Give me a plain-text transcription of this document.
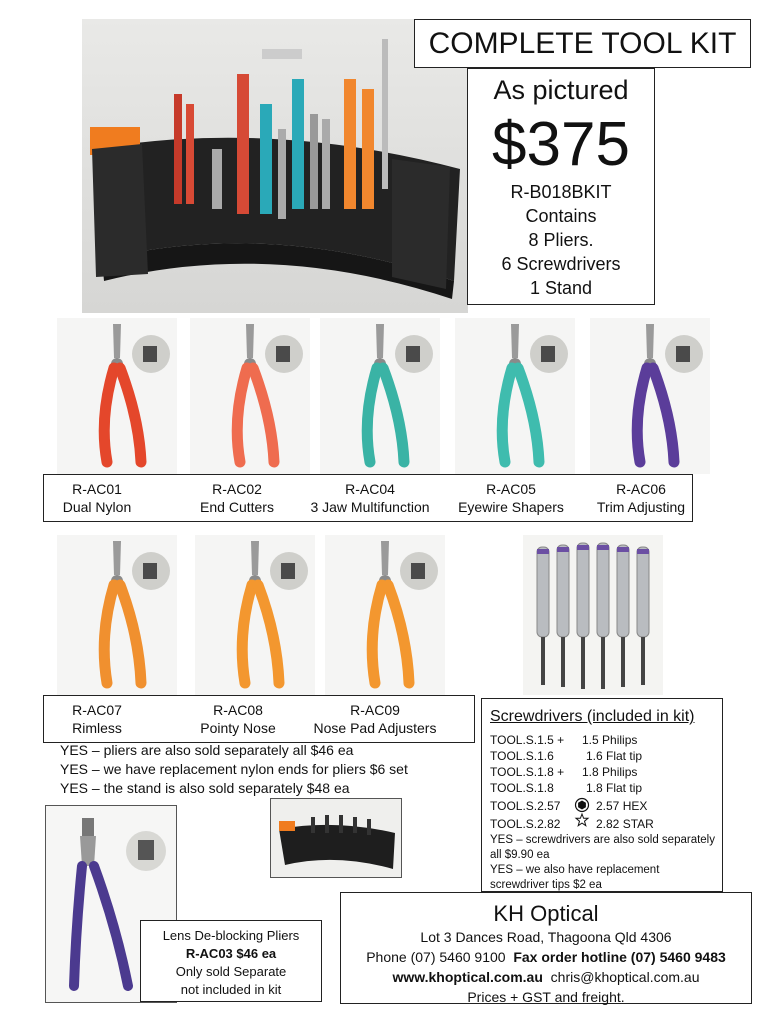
COMPLETE TOOL KIT
As pictured
$375
R-B018BKIT
Contains
8 Pliers.
6 Screwdrivers
1 Stand
R-AC01
Dual Nylon
R-AC02
End Cutters
R-AC04
3 Jaw Multifunction
R-AC05
Eyewire Shapers
R-AC06
Trim Adjusting
R-AC07
Rimless
R-AC08
Pointy Nose
R-AC09
Nose Pad Adjusters
YES – pliers are also sold separately all $46 ea
YES – we have replacement nylon ends for pliers $6 set
YES – the stand is also sold separately $48 ea
Screwdrivers (included in kit)
TOOL.S.1.5 + 1.5 Philips
TOOL.S.1.6	1.6 Flat tip
TOOL.S.1.8 + 1.8 Philips
TOOL.S.1.8	1.8 Flat tip
TOOL.S.2.57	2.57 HEX
TOOL.S.2.82	2.82 STAR
YES – screwdrivers are also sold separately all $9.90 ea
YES – we also have replacement screwdriver tips $2 ea
Lens De-blocking Pliers
R-AC03 $46 ea
Only sold Separate
not included in kit
KH Optical
Lot 3 Dances Road, Thagoona Qld 4306
Phone (07) 5460 9100 Fax order hotline (07) 5460 9483
www.khoptical.com.au chris@khoptical.com.au
Prices + GST and freight.
